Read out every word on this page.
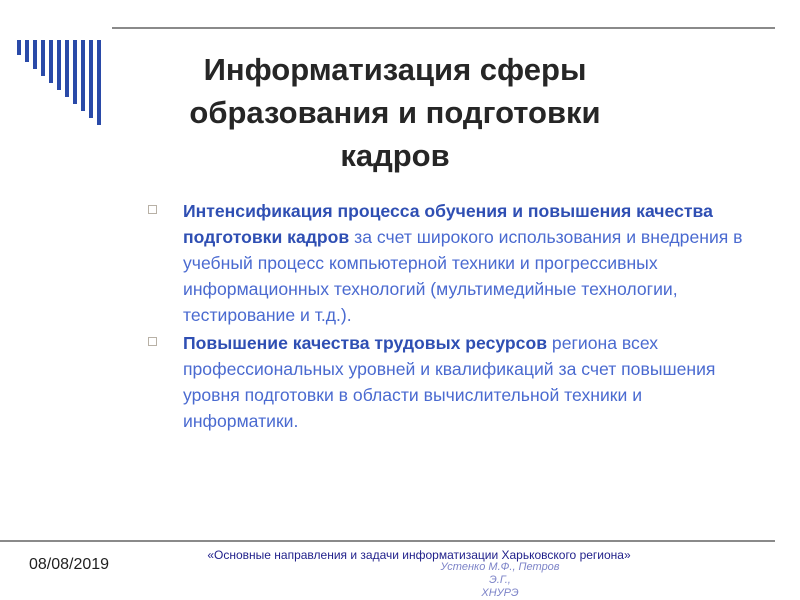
Информатизация сферы образования и подготовки кадров
Интенсификация процесса обучения и повышения качества подготовки кадров за счет широкого использования и внедрения в учебный процесс компьютерной техники и прогрессивных информационных технологий (мультимедийные технологии, тестирование и т.д.).
Повышение качества трудовых ресурсов региона всех профессиональных уровней и квалификаций за счет повышения уровня подготовки в области вычислительной техники и информатики.
08/08/2019
«Основные направления и задачи информатизации Харьковского региона»
Устенко М.Ф., Петров
Э.Г.,
ХНУРЭ
